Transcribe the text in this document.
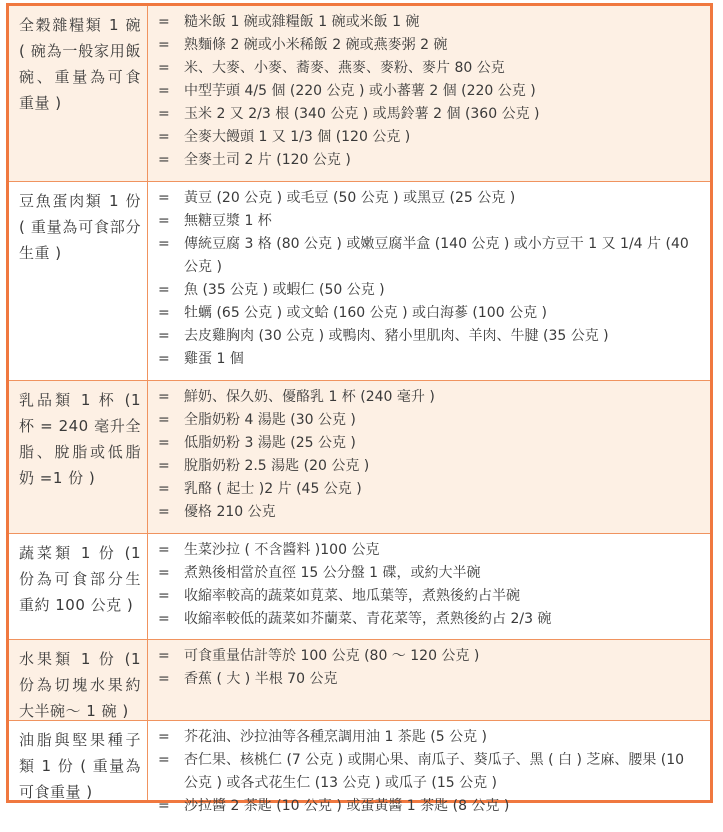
全穀雜糧類 1 碗 ( 碗為一般家用飯碗、重量為可食重量 )
=	糙米飯 1 碗或雜糧飯 1 碗或米飯 1 碗
=	熟麵條 2 碗或小米稀飯 2 碗或燕麥粥 2 碗
=	米、大麥、小麥、蕎麥、燕麥、麥粉、麥片 80 公克
=	中型芋頭 4/5 個 (220 公克 ) 或小蕃薯 2 個 (220 公克 )
=	玉米 2 又 2/3 根 (340 公克 ) 或馬鈴薯 2 個 (360 公克 )
=	全麥大饅頭 1 又 1/3 個 (120 公克 )
=	全麥土司 2 片 (120 公克 )
豆魚蛋肉類 1 份 ( 重量為可食部分生重 )
=	黃豆 (20 公克 ) 或毛豆 (50 公克 ) 或黑豆 (25 公克 )
=	無糖豆漿 1 杯
=	傳統豆腐 3 格 (80 公克 ) 或嫩豆腐半盒 (140 公克 ) 或小方豆干 1 又 1/4 片 (40 公克 )
=	魚 (35 公克 ) 或蝦仁 (50 公克 )
=	牡蠣 (65 公克 ) 或文蛤 (160 公克 ) 或白海蔘 (100 公克 )
=	去皮雞胸肉 (30 公克 ) 或鴨肉、豬小里肌肉、羊肉、牛腱 (35 公克 )
=	雞蛋 1 個
乳品類 1 杯 (1 杯 = 240 毫升全脂、脫脂或低脂奶 =1 份 )
=	鮮奶、保久奶、優酪乳 1 杯 (240 毫升 )
=	全脂奶粉 4 湯匙 (30 公克 )
=	低脂奶粉 3 湯匙 (25 公克 )
=	脫脂奶粉 2.5 湯匙 (20 公克 )
=	乳酪 ( 起士 )2 片 (45 公克 )
=	優格 210 公克
蔬菜類 1 份 (1 份為可食部分生重約 100 公克 )
=	生菜沙拉 ( 不含醬料 )100 公克
=	煮熟後相當於直徑 15 公分盤 1 碟，或約大半碗
=	收縮率較高的蔬菜如莧菜、地瓜葉等，煮熟後約占半碗
=	收縮率較低的蔬菜如芥蘭菜、青花菜等，煮熟後約占 2/3 碗
水果類 1 份 (1 份為切塊水果約大半碗～ 1 碗 )
=	可食重量估計等於 100 公克 (80 ～ 120 公克 )
=	香蕉 ( 大 ) 半根 70 公克
油脂與堅果種子類 1 份 ( 重量為可食重量 )
=	芥花油、沙拉油等各種烹調用油 1 茶匙 (5 公克 )
=	杏仁果、核桃仁 (7 公克 ) 或開心果、南瓜子、葵瓜子、黑 ( 白 ) 芝麻、腰果 (10 公克 ) 或各式花生仁 (13 公克 ) 或瓜子 (15 公克 )
=	沙拉醬 2 茶匙 (10 公克 ) 或蛋黃醬 1 茶匙 (8 公克 )
